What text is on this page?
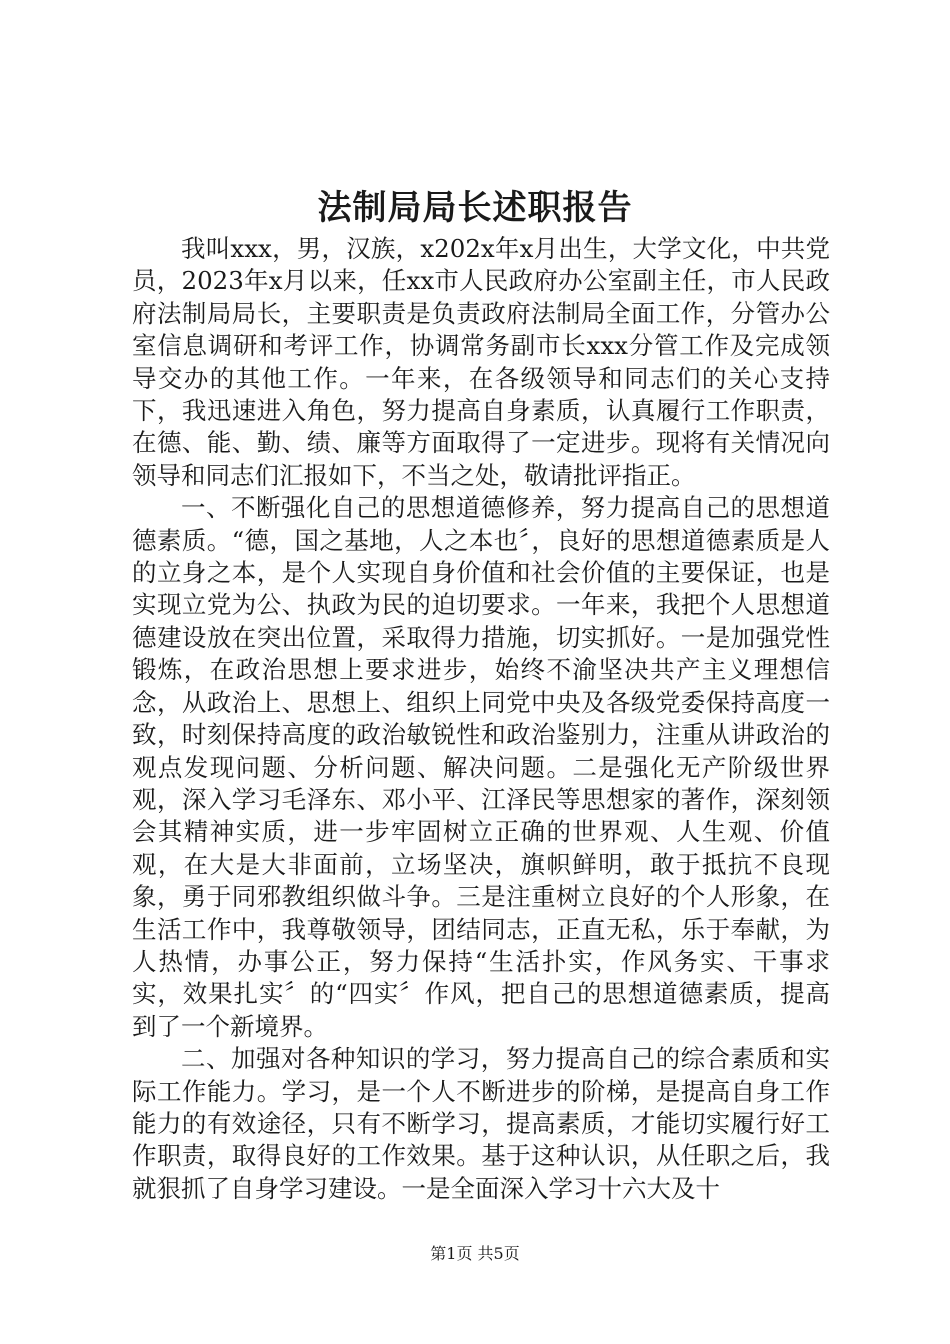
法制局局长述职报告

我叫xxx，男，汉族，x202x年x月出生，大学文化，中共党员，2023年x月以来，任xx市人民政府办公室副主任，市人民政府法制局局长，主要职责是负责政府法制局全面工作，分管办公室信息调研和考评工作，协调常务副市长xxx分管工作及完成领导交办的其他工作。一年来，在各级领导和同志们的关心支持下，我迅速进入角色，努力提高自身素质，认真履行工作职责，在德、能、勤、绩、廉等方面取得了一定进步。现将有关情况向领导和同志们汇报如下，不当之处，敬请批评指正。

一、不断强化自己的思想道德修养，努力提高自己的思想道德素质。“德，国之基地，人之本也〞，良好的思想道德素质是人的立身之本，是个人实现自身价值和社会价值的主要保证，也是实现立党为公、执政为民的迫切要求。一年来，我把个人思想道德建设放在突出位置，采取得力措施，切实抓好。一是加强党性锻炼，在政治思想上要求进步，始终不渝坚决共产主义理想信念，从政治上、思想上、组织上同党中央及各级党委保持高度一致，时刻保持高度的政治敏锐性和政治鉴别力，注重从讲政治的观点发现问题、分析问题、解决问题。二是强化无产阶级世界观，深入学习毛泽东、邓小平、江泽民等思想家的著作，深刻领会其精神实质，进一步牢固树立正确的世界观、人生观、价值观，在大是大非面前，立场坚决，旗帜鲜明，敢于抵抗不良现象，勇于同邪教组织做斗争。三是注重树立良好的个人形象，在生活工作中，我尊敬领导，团结同志，正直无私，乐于奉献，为人热情，办事公正，努力保持“生活扑实，作风务实、干事求实，效果扎实〞的“四实〞作风，把自己的思想道德素质，提高到了一个新境界。

二、加强对各种知识的学习，努力提高自己的综合素质和实际工作能力。学习，是一个人不断进步的阶梯，是提高自身工作能力的有效途径，只有不断学习，提高素质，才能切实履行好工作职责，取得良好的工作效果。基于这种认识，从任职之后，我就狠抓了自身学习建设。一是全面深入学习十六大及十

第1页 共5页
